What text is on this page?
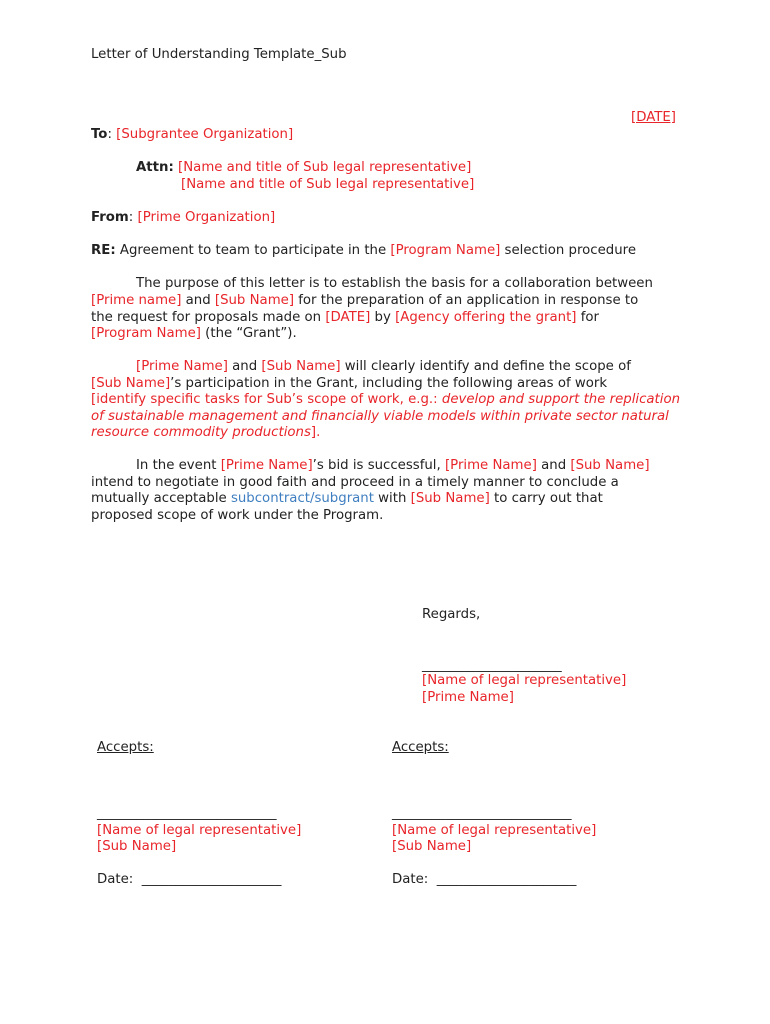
Letter of Understanding Template_Sub
[DATE]
To: [Subgrantee Organization]
Attn: [Name and title of Sub legal representative]
[Name and title of Sub legal representative]
From: [Prime Organization]
RE: Agreement to team to participate in the [Program Name] selection procedure
The purpose of this letter is to establish the basis for a collaboration between
[Prime name] and [Sub Name] for the preparation of an application in response to
the request for proposals made on [DATE] by [Agency offering the grant] for
[Program Name] (the “Grant”).
[Prime Name] and [Sub Name] will clearly identify and define the scope of
[Sub Name]’s participation in the Grant, including the following areas of work
[identify specific tasks for Sub’s scope of work, e.g.: develop and support the replication of sustainable management and financially viable models within private sector natural resource commodity productions].
In the event [Prime Name]’s bid is successful, [Prime Name] and [Sub Name]
intend to negotiate in good faith and proceed in a timely manner to conclude a
mutually acceptable subcontract/subgrant with [Sub Name] to carry out that
proposed scope of work under the Program.
Regards,
_____________________
[Name of legal representative]
[Prime Name]
Accepts:
___________________________
[Name of legal representative]
[Sub Name]
Date: _____________________
Accepts:
___________________________
[Name of legal representative]
[Sub Name]
Date: _____________________
